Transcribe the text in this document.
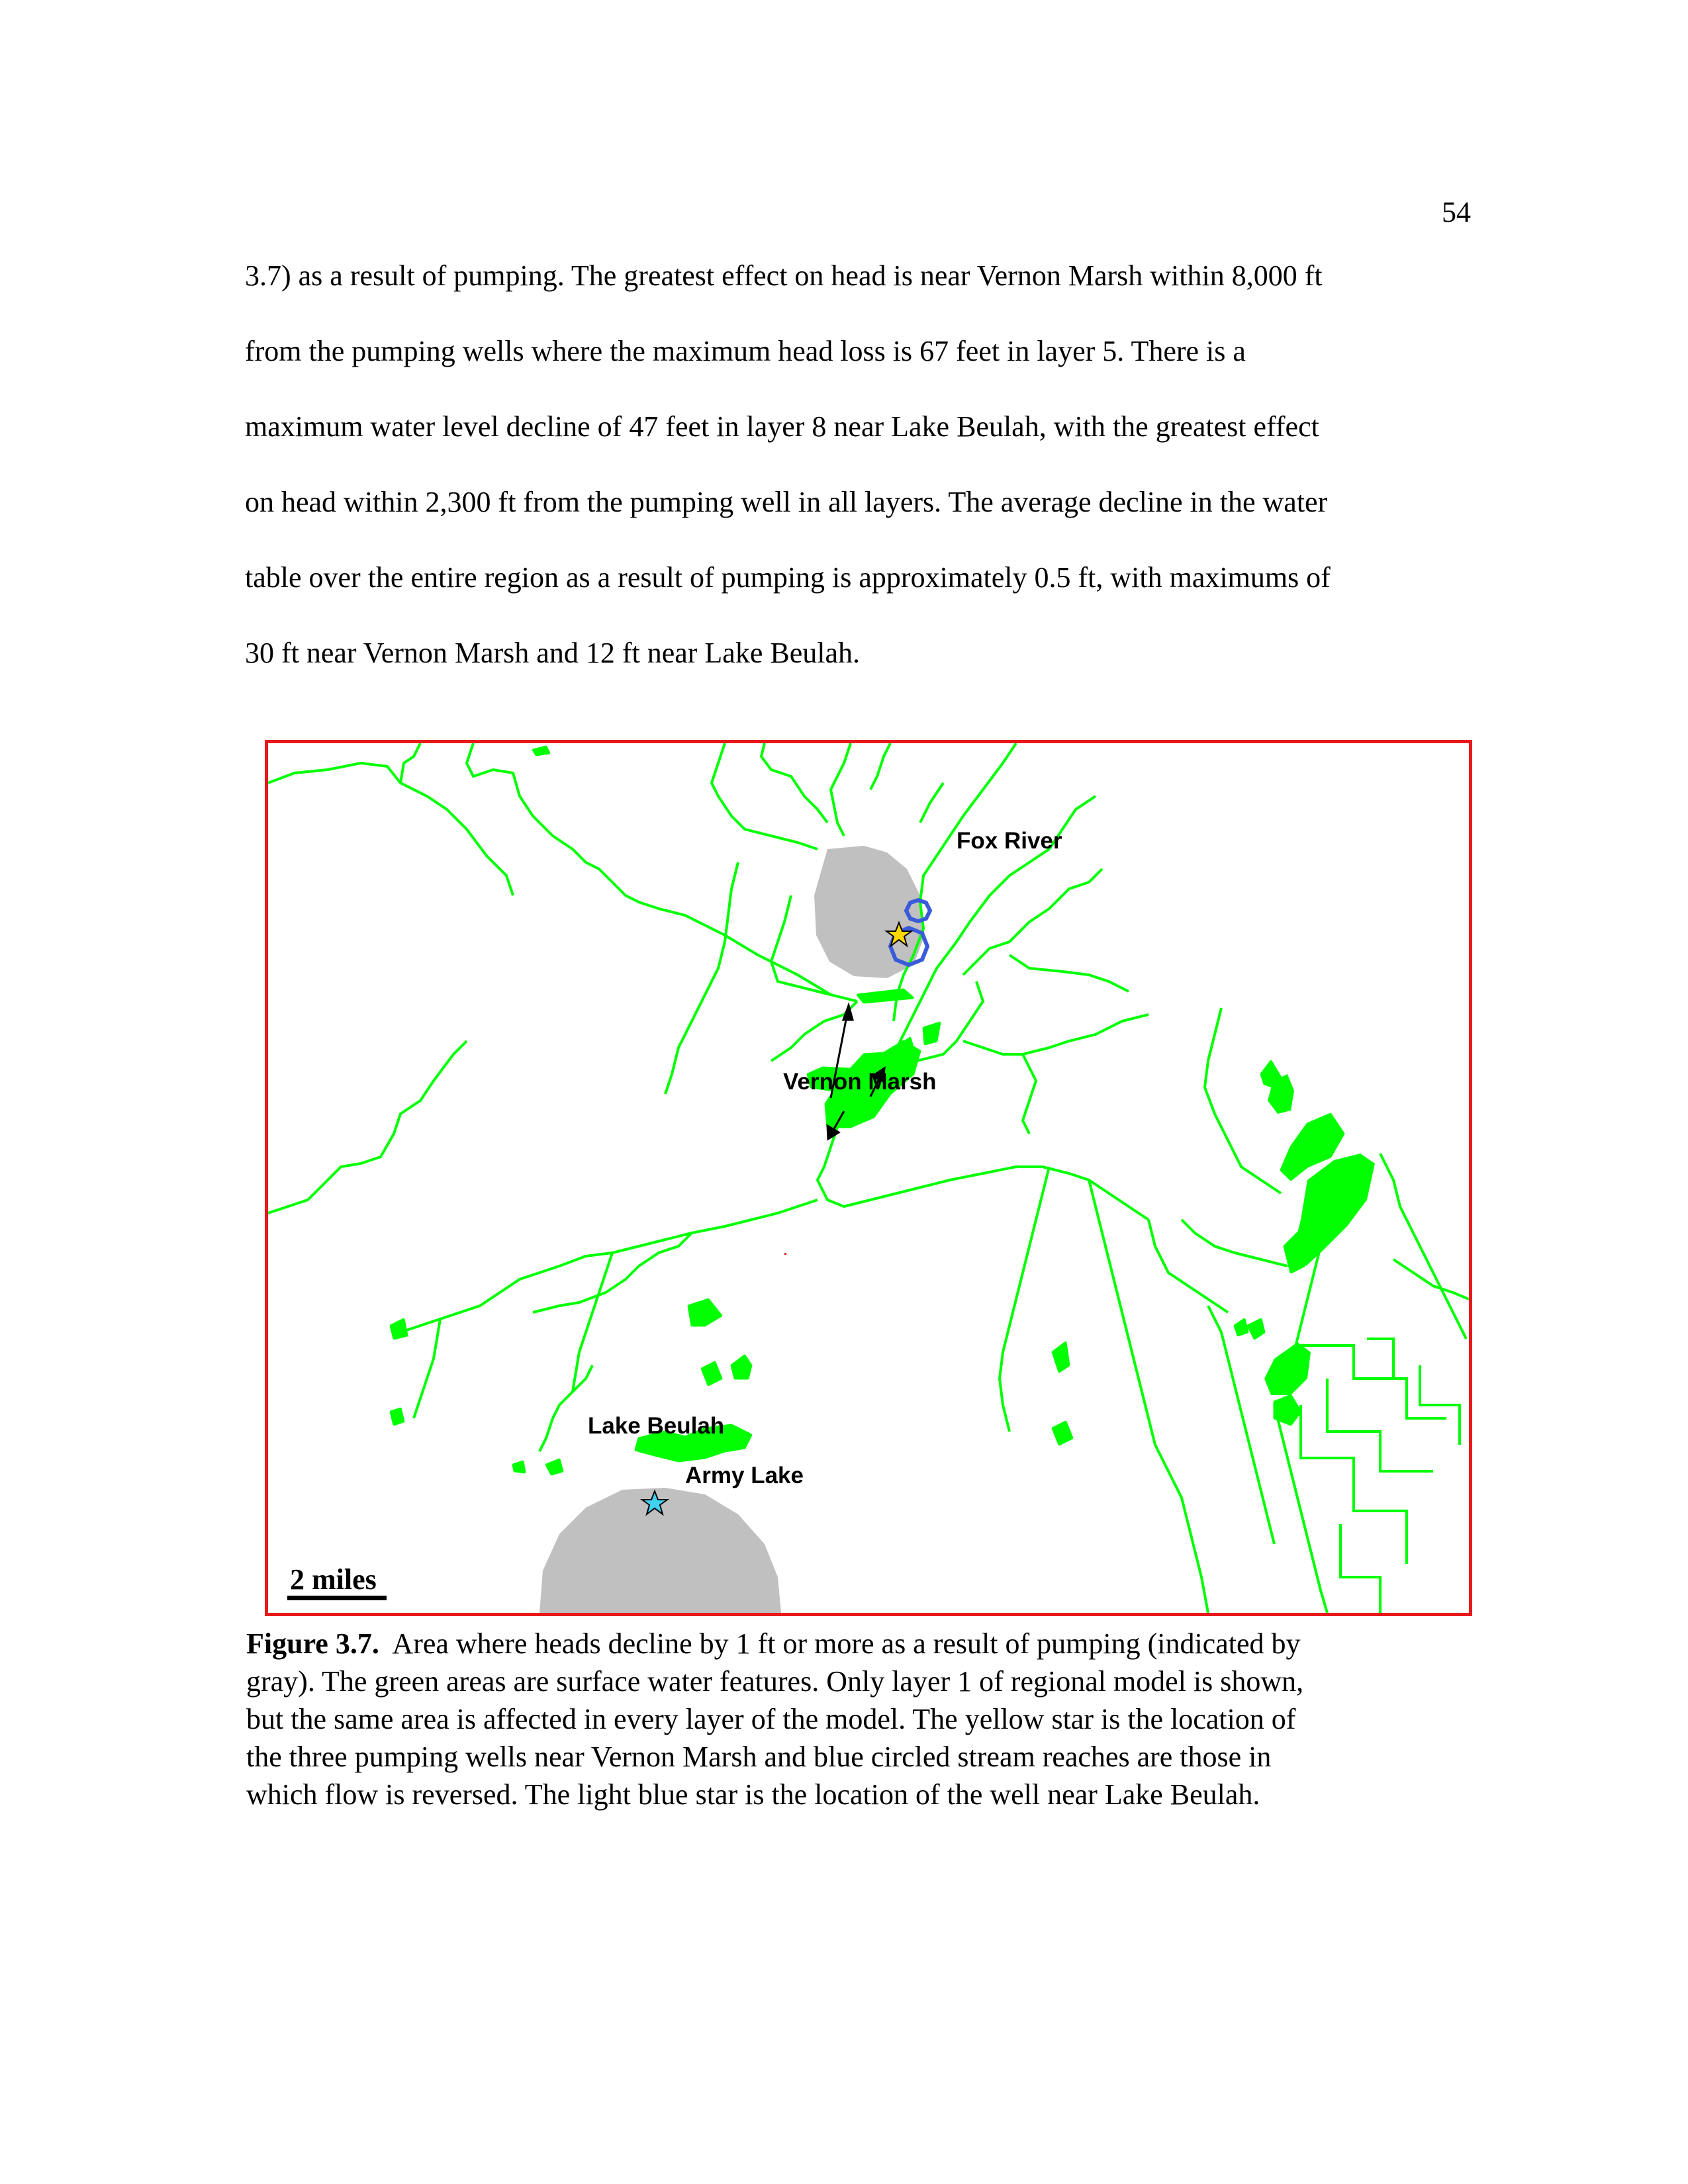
54
3.7) as a result of pumping. The greatest effect on head is near Vernon Marsh within 8,000 ft
from the pumping wells where the maximum head loss is 67 feet in layer 5. There is a
maximum water level decline of 47 feet in layer 8 near Lake Beulah, with the greatest effect
on head within 2,300 ft from the pumping well in all layers. The average decline in the water
table over the entire region as a result of pumping is approximately 0.5 ft, with maximums of
30 ft near Vernon Marsh and 12 ft near Lake Beulah.
Fox River
Vernon Marsh
Lake Beulah
Army Lake
2 miles
Figure 3.7.  Area where heads decline by 1 ft or more as a result of pumping (indicated by
gray). The green areas are surface water features. Only layer 1 of regional model is shown,
but the same area is affected in every layer of the model. The yellow star is the location of
the three pumping wells near Vernon Marsh and blue circled stream reaches are those in
which flow is reversed. The light blue star is the location of the well near Lake Beulah.
